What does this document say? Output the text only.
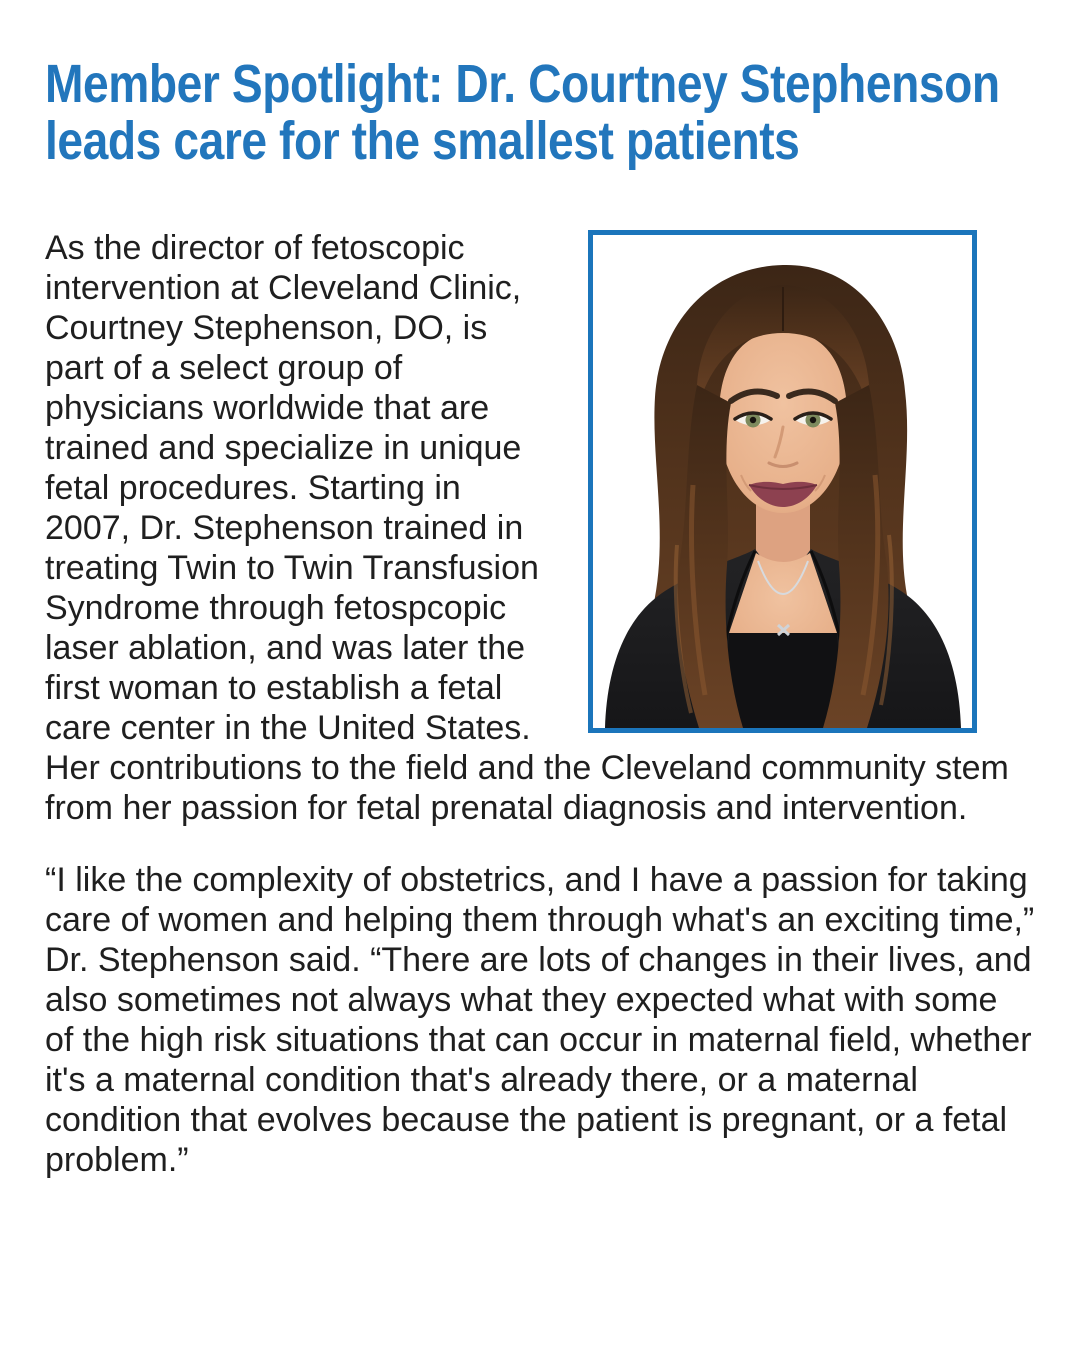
Member Spotlight: Dr. Courtney Stephenson
leads care for the smallest patients

As the director of fetoscopic intervention at Cleveland Clinic, Courtney Stephenson, DO, is part of a select group of physicians worldwide that are trained and specialize in unique fetal procedures. Starting in 2007, Dr. Stephenson trained in treating Twin to Twin Transfusion Syndrome through fetospcopic laser ablation, and was later the first woman to establish a fetal care center in the United States. Her contributions to the field and the Cleveland community stem from her passion for fetal prenatal diagnosis and intervention.

“I like the complexity of obstetrics, and I have a passion for taking care of women and helping them through what's an exciting time,” Dr. Stephenson said. “There are lots of changes in their lives, and also sometimes not always what they expected what with some of the high risk situations that can occur in maternal field, whether it's a maternal condition that's already there, or a maternal condition that evolves because the patient is pregnant, or a fetal problem.”
